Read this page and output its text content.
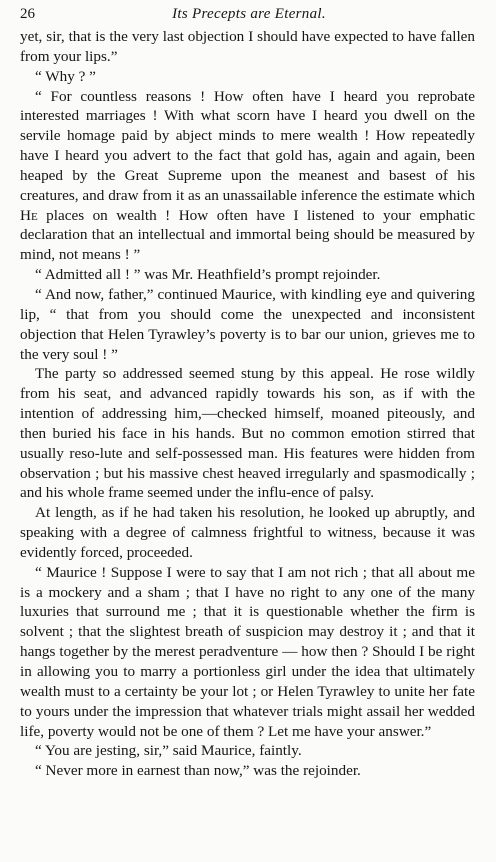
26	Its Precepts are Eternal.

yet, sir, that is the very last objection I should have expected to have fallen from your lips.”

“ Why ? ”

“ For countless reasons ! How often have I heard you reprobate interested marriages ! With what scorn have I heard you dwell on the servile homage paid by abject minds to mere wealth ! How repeatedly have I heard you advert to the fact that gold has, again and again, been heaped by the Great Supreme upon the meanest and basest of his creatures, and draw from it as an unassailable inference the estimate which He places on wealth ! How often have I listened to your emphatic declaration that an intellectual and immortal being should be measured by mind, not means ! ”

“ Admitted all ! ” was Mr. Heathfield’s prompt rejoinder.

“ And now, father,” continued Maurice, with kindling eye and quivering lip, “ that from you should come the unexpected and inconsistent objection that Helen Tyrawley’s poverty is to bar our union, grieves me to the very soul ! ”

The party so addressed seemed stung by this appeal. He rose wildly from his seat, and advanced rapidly towards his son, as if with the intention of addressing him,—checked himself, moaned piteously, and then buried his face in his hands. But no common emotion stirred that usually reso-lute and self-possessed man. His features were hidden from observation ; but his massive chest heaved irregularly and spasmodically ; and his whole frame seemed under the influ-ence of palsy.

At length, as if he had taken his resolution, he looked up abruptly, and speaking with a degree of calmness frightful to witness, because it was evidently forced, proceeded.

“ Maurice ! Suppose I were to say that I am not rich ; that all about me is a mockery and a sham ; that I have no right to any one of the many luxuries that surround me ; that it is questionable whether the firm is solvent ; that the slightest breath of suspicion may destroy it ; and that it hangs together by the merest peradventure — how then ? Should I be right in allowing you to marry a portionless girl under the idea that ultimately wealth must to a certainty be your lot ; or Helen Tyrawley to unite her fate to yours under the impression that whatever trials might assail her wedded life, poverty would not be one of them ? Let me have your answer.”

“ You are jesting, sir,” said Maurice, faintly.

“ Never more in earnest than now,” was the rejoinder.
